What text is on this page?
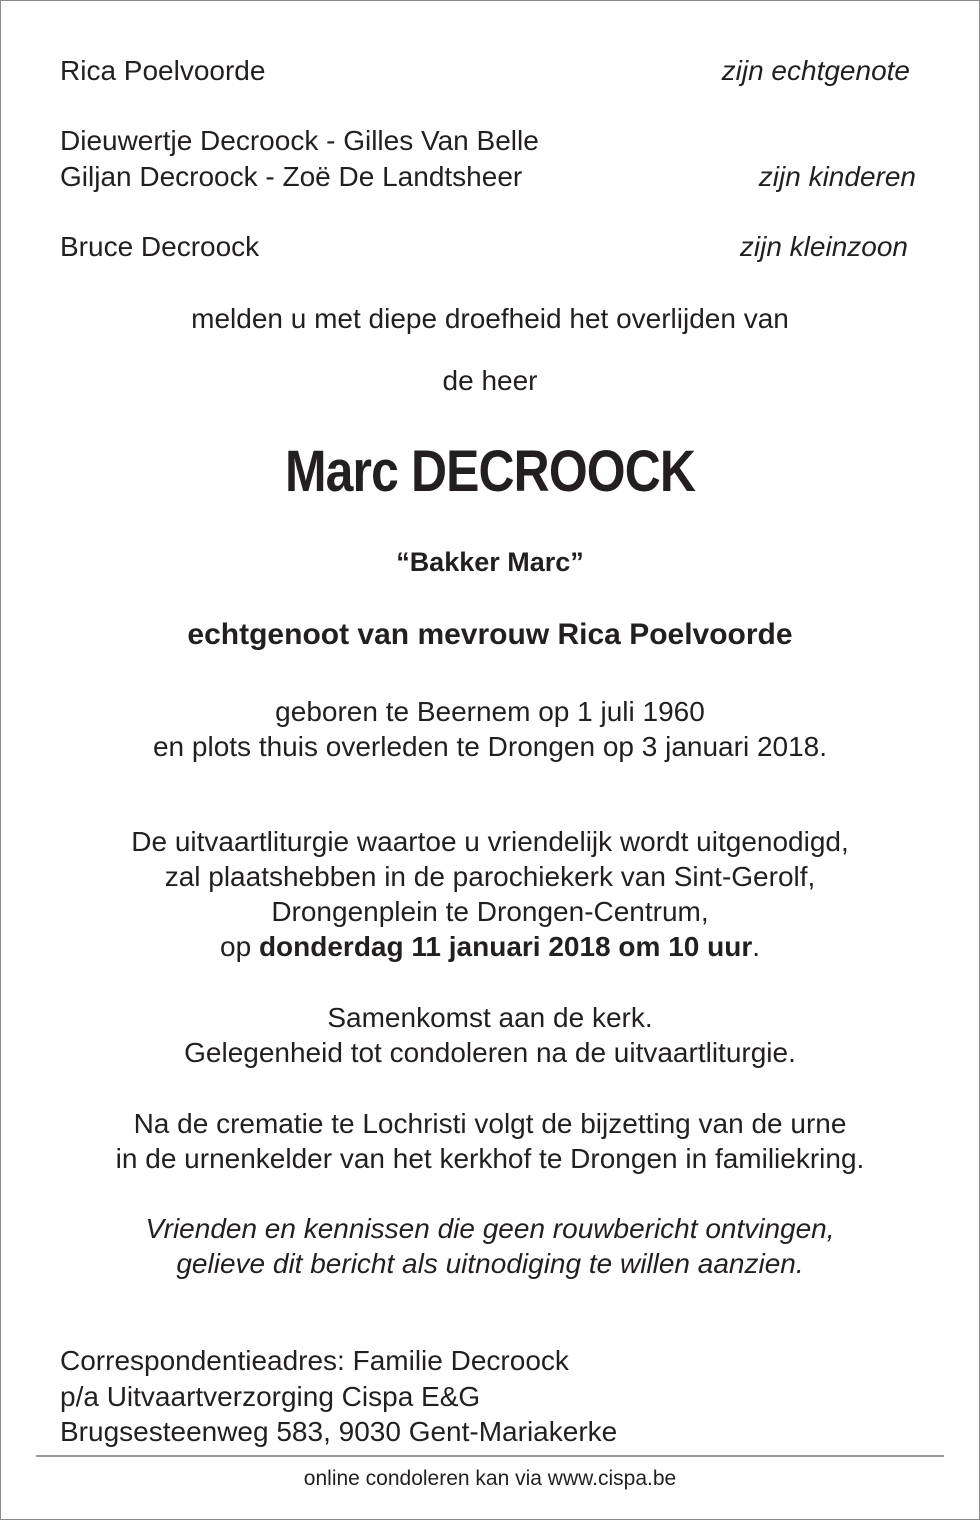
Rica Poelvoorde	zijn echtgenote
Dieuwertje Decroock - Gilles Van Belle
Giljan Decroock - Zoë De Landtsheer	zijn kinderen
Bruce Decroock	zijn kleinzoon
melden u met diepe droefheid het overlijden van
de heer
Marc DECROOCK
“Bakker Marc”
echtgenoot van mevrouw Rica Poelvoorde
geboren te Beernem op 1 juli 1960
en plots thuis overleden te Drongen op 3 januari 2018.
De uitvaartliturgie waartoe u vriendelijk wordt uitgenodigd,
zal plaatshebben in de parochiekerk van Sint-Gerolf,
Drongenplein te Drongen-Centrum,
op donderdag 11 januari 2018 om 10 uur.
Samenkomst aan de kerk.
Gelegenheid tot condoleren na de uitvaartliturgie.
Na de crematie te Lochristi volgt de bijzetting van de urne
in de urnenkelder van het kerkhof te Drongen in familiekring.
Vrienden en kennissen die geen rouwbericht ontvingen,
gelieve dit bericht als uitnodiging te willen aanzien.
Correspondentieadres: Familie Decroock
p/a Uitvaartverzorging Cispa E&G
Brugsesteenweg 583, 9030 Gent-Mariakerke
online condoleren kan via www.cispa.be
